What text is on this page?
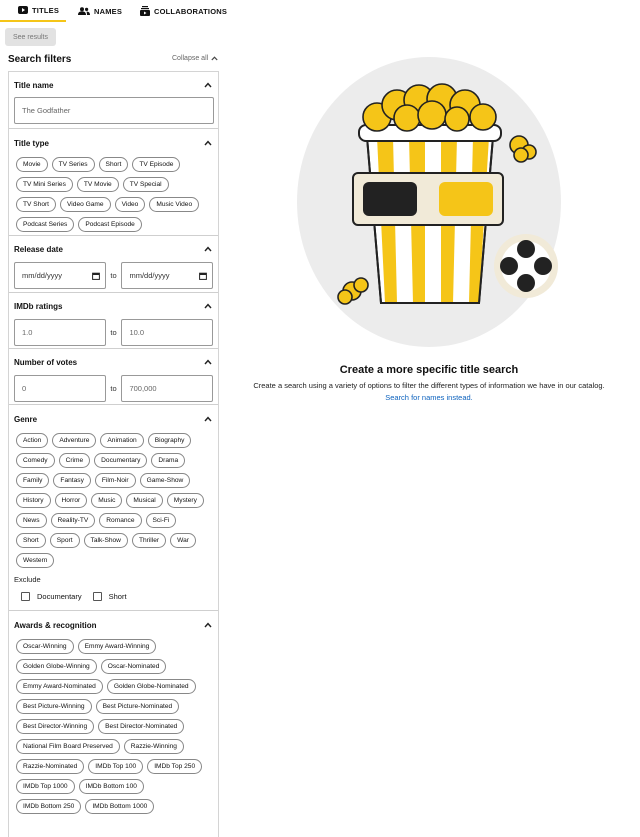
TITLES	NAMES	COLLABORATIONS
See results
Search filters	Collapse all
Title name
The Godfather
Title type
Movie	TV Series	Short	TV Episode
TV Mini Series	TV Movie	TV Special
TV Short	Video Game	Video	Music Video
Podcast Series	Podcast Episode
Release date
mm/dd/yyyy	to	mm/dd/yyyy
IMDb ratings
1.0	to	10.0
Number of votes
0	to	700,000
Genre
Action	Adventure	Animation	Biography
Comedy	Crime	Documentary	Drama
Family	Fantasy	Film-Noir	Game-Show
History	Horror	Music	Musical	Mystery
News	Reality-TV	Romance	Sci-Fi
Short	Sport	Talk-Show	Thriller	War
Western
Exclude
Documentary	Short
Awards & recognition
Oscar-Winning	Emmy Award-Winning
Golden Globe-Winning	Oscar-Nominated
Emmy Award-Nominated	Golden Globe-Nominated
Best Picture-Winning	Best Picture-Nominated
Best Director-Winning	Best Director-Nominated
National Film Board Preserved	Razzie-Winning
Razzie-Nominated	IMDb Top 100	IMDb Top 250
IMDb Top 1000	IMDb Bottom 100
IMDb Bottom 250	IMDb Bottom 1000
Create a more specific title search
Create a search using a variety of options to filter the different types of information we have in our catalog.
Search for names instead.
